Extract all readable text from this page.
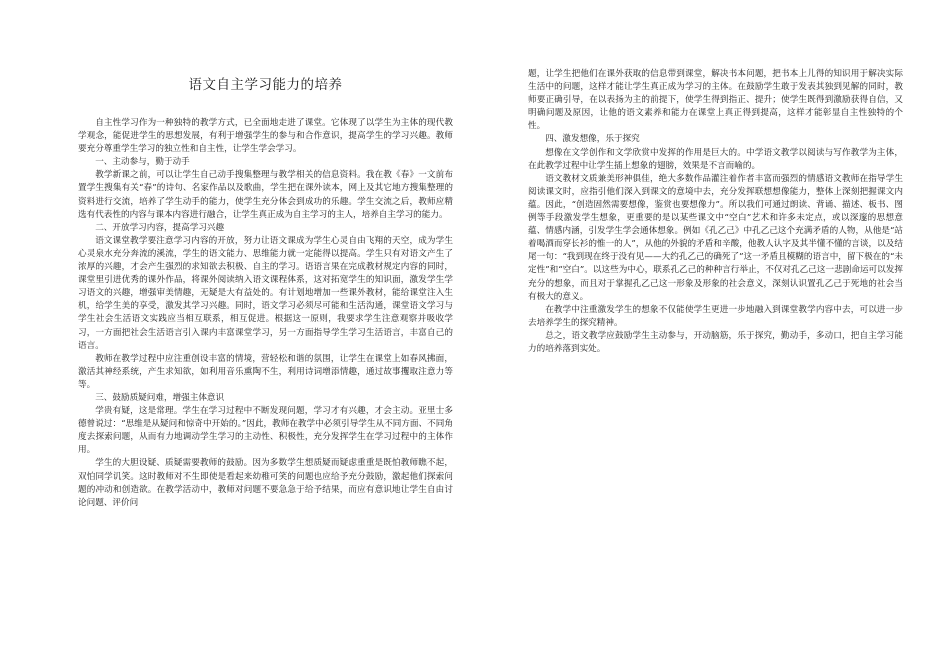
语文自主学习能力的培养

自主性学习作为一种独特的教学方式，已全面地走进了课堂。它体现了以学生为主体的现代教学观念，能促进学生的思想发展，有利于增强学生的参与和合作意识，提高学生的学习兴趣。教师要充分尊重学生学习的独立性和自主性，让学生学会学习。

一、主动参与，勤于动手

教学新课之前，可以让学生自己动手搜集整理与教学相关的信息资料。我在教《春》一文前布置学生搜集有关“春”的诗句、名家作品以及歌曲，学生把在课外读本，网上及其它地方搜集整理的资料进行交流，培养了学生动手的能力，使学生充分体会到成功的乐趣。学生交流之后，教师应精选有代表性的内容与课本内容进行融合，让学生真正成为自主学习的主人，培养自主学习的能力。

二、开放学习内容，提高学习兴趣

语文课堂教学要注意学习内容的开放，努力让语文课成为学生心灵自由飞翔的天空，成为学生心灵泉水充分奔流的溪流，学生的语文能力、思维能力就一定能得以提高。学生只有对语文产生了浓厚的兴趣，才会产生强烈的求知欲去积极、自主的学习。语语言果在完成教材规定内容的同时，课堂里引进优秀的课外作品，将课外阅读纳入语文课程体系，这对拓宽学生的知识面，激发学生学习语文的兴趣，增强审美情趣，无疑是大有益处的。有计划地增加一些课外教材，能给课堂注入生机，给学生美的享受，激发其学习兴趣。同时，语文学习必须尽可能和生活沟通，课堂语文学习与学生社会生活语文实践应当相互联系，相互促进。根据这一原则，我要求学生注意观察并吸收学习，一方面把社会生活语言引入课内丰富课堂学习，另一方面指导学生学习生活语言，丰富自己的语言。

教师在教学过程中应注重创设丰富的情境，营轻松和谐的氛围，让学生在课堂上如春风拂面，激活其神经系统，产生求知欲，如利用音乐熏陶不生，利用诗词增添情趣，通过故事攫取注意力等等。

三、鼓励质疑问难，增强主体意识

学贵有疑，这是常理。学生在学习过程中不断发现问题，学习才有兴趣，才会主动。亚里士多德曾说过：“思维是从疑问和惊奇中开始的。”因此，教师在教学中必须引导学生从不同方面、不同角度去探索问题，从而有力地调动学生学习的主动性、积极性，充分发挥学生在学习过程中的主体作用。

学生的大胆设疑、质疑需要教师的鼓励。因为多数学生想质疑而疑虑重重是既怕教师瞧不起，双怕同学讥笑。这时教师对不生即使是看起来幼稚可笑的问题也应给予充分鼓励，激起他们探索问题的冲动和创造欲。在教学活动中，教师对问题不要急急于给予结果，而应有意识地让学生自由讨论问题、评价问

题，让学生把他们在课外获取的信息带到课堂，解决书本问题，把书本上儿得的知识用于解决实际生活中的问题，这样才能让学生真正成为学习的主体。在鼓励学生敢于发表其独到见解的同时，教师要正确引导，在以表扬为主的前提下，使学生得到指正、提升；使学生既得到激励获得自信，又明确问题及原因，让他的语文素养和能力在课堂上真正得到提高，这样才能彰显自主性独特的个性。

四、激发想像，乐于探究

想像在文学创作和文学欣赏中发挥的作用是巨大的。中学语文教学以阅读与写作教学为主体，在此教学过程中让学生插上想象的翅膀，效果是不言而喻的。

语文教材文质兼美形神俱佳，绝大多数作品灌注着作者丰富而强烈的情感语文教师在指导学生阅读课文时，应指引他们深入到课文的意境中去，充分发挥联想想像能力，整体上深刻把握课文内蕴。因此，“创造固然需要想像，鉴赏也要想像力”。所以我们可通过朗读、背诵、描述、板书、图例等手段激发学生想象，更重要的是以某些课文中“空白”艺术和许多未定点，或以深邃的思想意蕴、情感内涵，引发学生学会通体想象。例如《孔乙己》中孔乙己这个充满矛盾的人物，从他是“站着喝酒而穿长衫的惟一的人”，从他的外貌的矛盾和辛酸，他教人认字及其半懂不懂的言谈，以及结尾一句：“我到现在终于没有见——大约孔乙己的确死了”这一矛盾且模糊的语言中，留下极在的“未定性”和“空白”。以这些为中心，联系孔乙己的种种言行举止，不仅对孔乙己这一悲剧命运可以发挥充分的想象，而且对于掌握孔乙己这一形象及形象的社会意义，深刻认识置孔乙己于死地的社会当有极大的意义。

在教学中注重激发学生的想象不仅能使学生更进一步地融入到课堂教学内容中去，可以进一步去培养学生的探究精神。

总之，语文教学应鼓励学生主动参与，开动脑筋，乐于探究，勤动手，多动口，把自主学习能力的培养落到实处。
